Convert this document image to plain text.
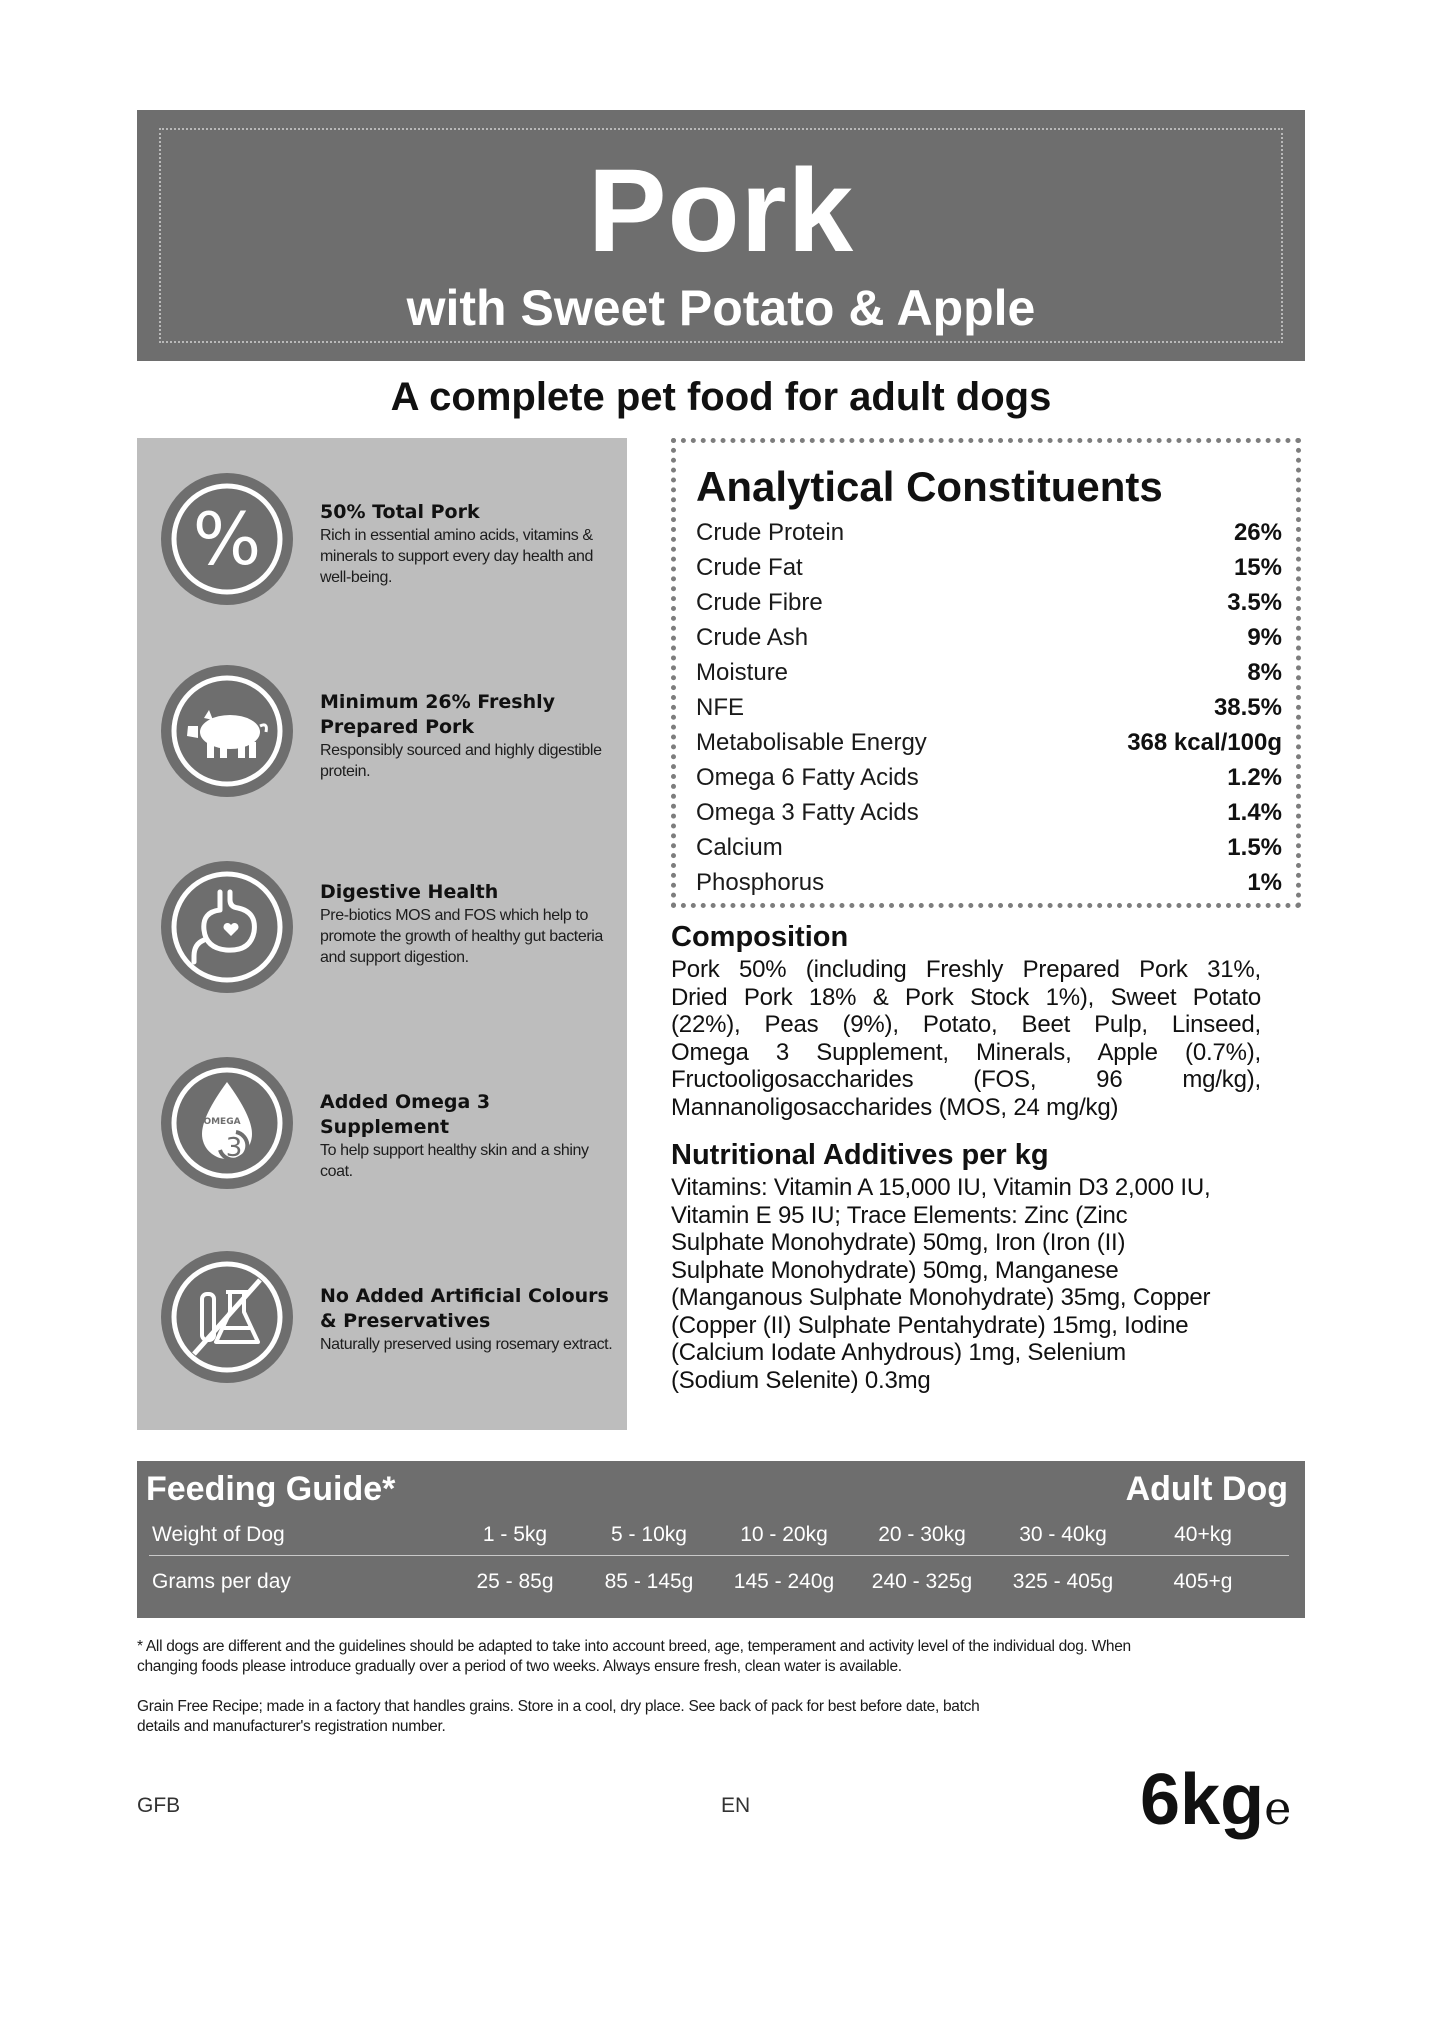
Pork
with Sweet Potato & Apple
A complete pet food for adult dogs
%	50% Total Pork
Rich in essential amino acids, vitamins & minerals to support every day health and well-being.
Minimum 26% Freshly Prepared Pork
Responsibly sourced and highly digestible protein.
Digestive Health
Pre-biotics MOS and FOS which help to promote the growth of healthy gut bacteria and support digestion.
OMEGA
3
Added Omega 3 Supplement
To help support healthy skin and a shiny coat.
No Added Artificial Colours & Preservatives
Naturally preserved using rosemary extract.
Analytical Constituents
Crude Protein	26%
Crude Fat	15%
Crude Fibre	3.5%
Crude Ash	9%
Moisture	8%
NFE	38.5%
Metabolisable Energy	368 kcal/100g
Omega 6 Fatty Acids	1.2%
Omega 3 Fatty Acids	1.4%
Calcium	1.5%
Phosphorus	1%
Composition
Pork 50% (including Freshly Prepared Pork 31%,
Dried Pork 18% & Pork Stock 1%), Sweet Potato
(22%), Peas (9%), Potato, Beet Pulp, Linseed,
Omega 3 Supplement, Minerals, Apple (0.7%),
Fructooligosaccharides (FOS, 96 mg/kg),
Mannanoligosaccharides (MOS, 24 mg/kg)
Nutritional Additives per kg
Vitamins: Vitamin A 15,000 IU, Vitamin D3 2,000 IU,
Vitamin E 95 IU; Trace Elements: Zinc (Zinc
Sulphate Monohydrate) 50mg, Iron (Iron (II)
Sulphate Monohydrate) 50mg, Manganese
(Manganous Sulphate Monohydrate) 35mg, Copper
(Copper (II) Sulphate Pentahydrate) 15mg, Iodine
(Calcium Iodate Anhydrous) 1mg, Selenium
(Sodium Selenite) 0.3mg
Feeding Guide*	Adult Dog
Weight of Dog	1 - 5kg	5 - 10kg	10 - 20kg	20 - 30kg	30 - 40kg	40+kg
Grams per day	25 - 85g	85 - 145g	145 - 240g	240 - 325g	325 - 405g	405+g
* All dogs are different and the guidelines should be adapted to take into account breed, age, temperament and activity level of the individual dog. When
changing foods please introduce gradually over a period of two weeks. Always ensure fresh, clean water is available.
Grain Free Recipe; made in a factory that handles grains. Store in a cool, dry place. See back of pack for best before date, batch
details and manufacturer's registration number.
GFB	EN	6kge
